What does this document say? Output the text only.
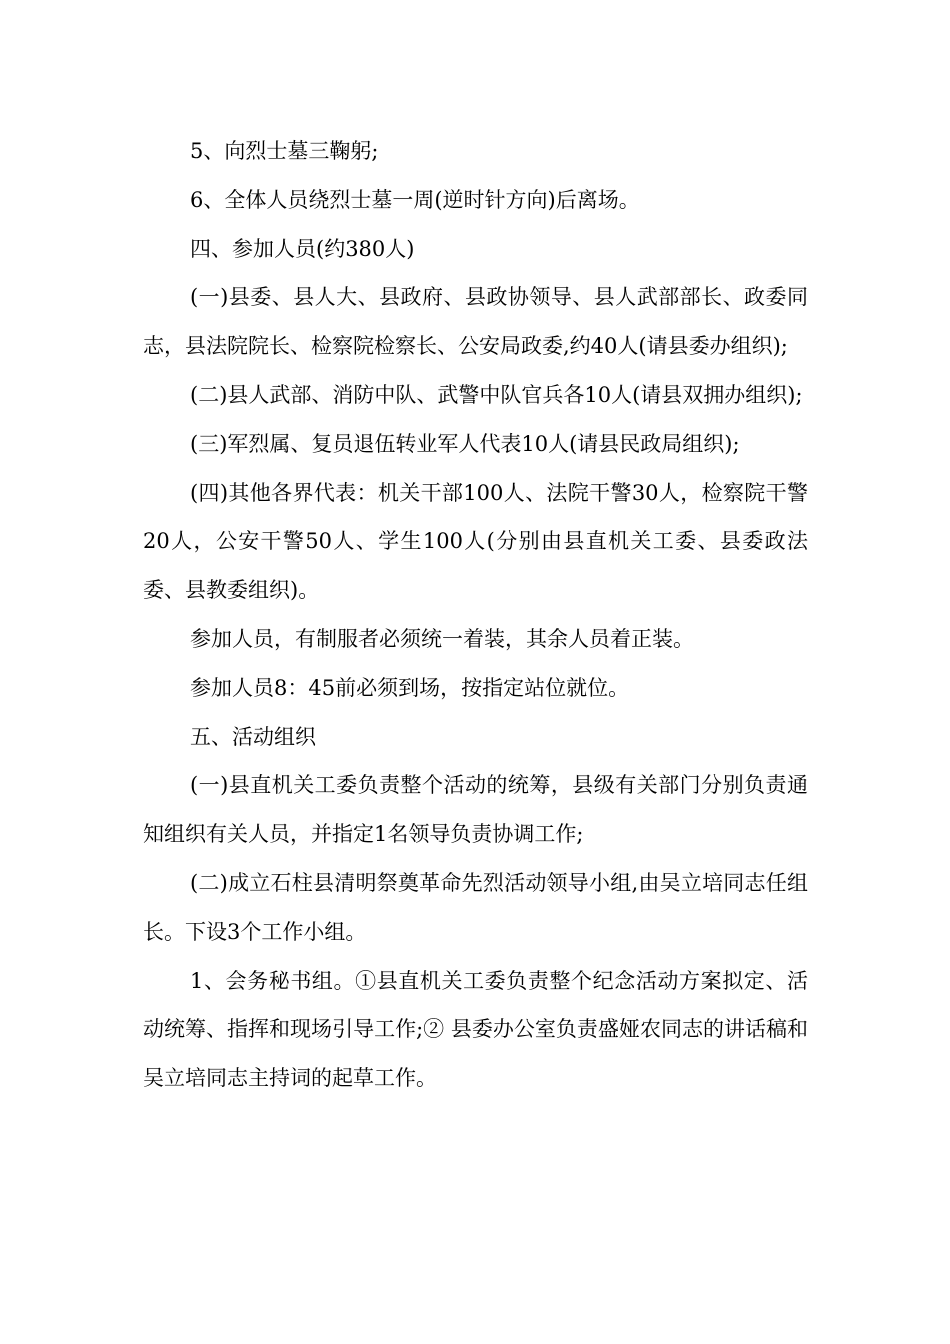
5、向烈士墓三鞠躬;

6、全体人员绕烈士墓一周(逆时针方向)后离场。

四、参加人员(约380人)

(一)县委、县人大、县政府、县政协领导、县人武部部长、政委同志，县法院院长、检察院检察长、公安局政委,约40人(请县委办组织);

(二)县人武部、消防中队、武警中队官兵各10人(请县双拥办组织);

(三)军烈属、复员退伍转业军人代表10人(请县民政局组织);

(四)其他各界代表：机关干部100人、法院干警30人，检察院干警20人，公安干警50人、学生100人(分别由县直机关工委、县委政法委、县教委组织)。

参加人员，有制服者必须统一着装，其余人员着正装。

参加人员8：45前必须到场，按指定站位就位。

五、活动组织

(一)县直机关工委负责整个活动的统筹，县级有关部门分别负责通知组织有关人员，并指定1名领导负责协调工作;

(二)成立石柱县清明祭奠革命先烈活动领导小组,由吴立培同志任组长。下设3个工作小组。

1、会务秘书组。①县直机关工委负责整个纪念活动方案拟定、活动统筹、指挥和现场引导工作;② 县委办公室负责盛娅农同志的讲话稿和吴立培同志主持词的起草工作。
